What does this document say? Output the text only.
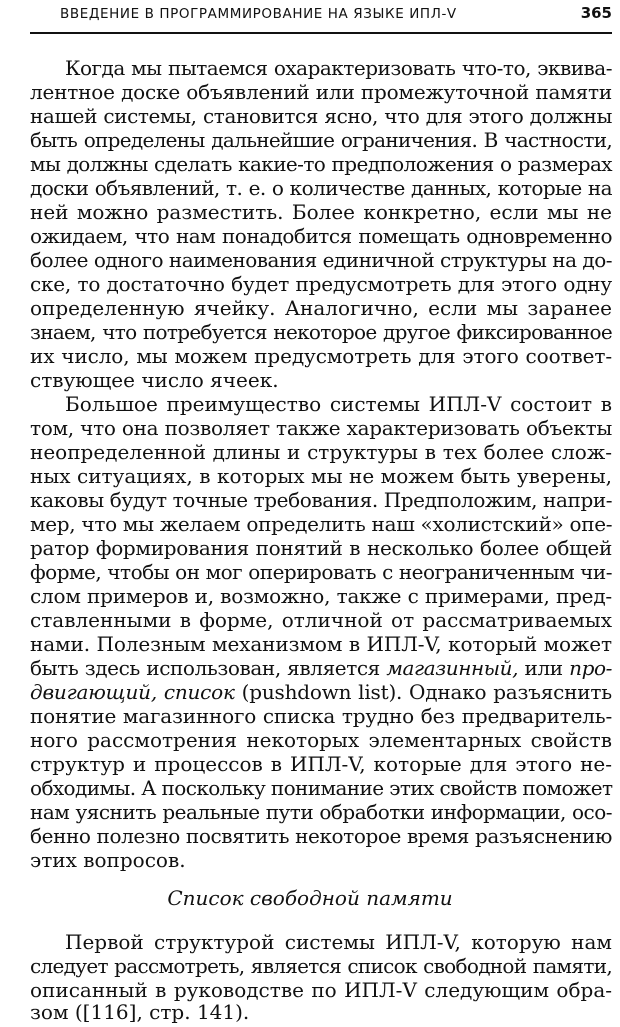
ВВЕДЕНИЕ В ПРОГРАММИРОВАНИЕ НА ЯЗЫКЕ ИПЛ-V	365
Когда мы пытаемся охарактеризовать что-то, эквива-
лентное доске объявлений или промежуточной памяти
нашей системы, становится ясно, что для этого должны
быть определены дальнейшие ограничения. В частности,
мы должны сделать какие-то предположения о размерах
доски объявлений, т. е. о количестве данных, которые на
ней можно разместить. Более конкретно, если мы не
ожидаем, что нам понадобится помещать одновременно
более одного наименования единичной структуры на до-
ске, то достаточно будет предусмотреть для этого одну
определенную ячейку. Аналогично, если мы заранее
знаем, что потребуется некоторое другое фиксированное
их число, мы можем предусмотреть для этого соответ-
ствующее число ячеек.
Большое преимущество системы ИПЛ-V состоит в
том, что она позволяет также характеризовать объекты
неопределенной длины и структуры в тех более слож-
ных ситуациях, в которых мы не можем быть уверены,
каковы будут точные требования. Предположим, напри-
мер, что мы желаем определить наш «холистский» опе-
ратор формирования понятий в несколько более общей
форме, чтобы он мог оперировать с неограниченным чи-
слом примеров и, возможно, также с примерами, пред-
ставленными в форме, отличной от рассматриваемых
нами. Полезным механизмом в ИПЛ-V, который может
быть здесь использован, является магазинный, или про-
двигающий, список (pushdown list). Однако разъяснить
понятие магазинного списка трудно без предваритель-
ного рассмотрения некоторых элементарных свойств
структур и процессов в ИПЛ-V, которые для этого не-
обходимы. А поскольку понимание этих свойств поможет
нам уяснить реальные пути обработки информации, осо-
бенно полезно посвятить некоторое время разъяснению
этих вопросов.
Список свободной памяти
Первой структурой системы ИПЛ-V, которую нам
следует рассмотреть, является список свободной памяти,
описанный в руководстве по ИПЛ-V следующим обра-
зом ([116], стр. 141).
